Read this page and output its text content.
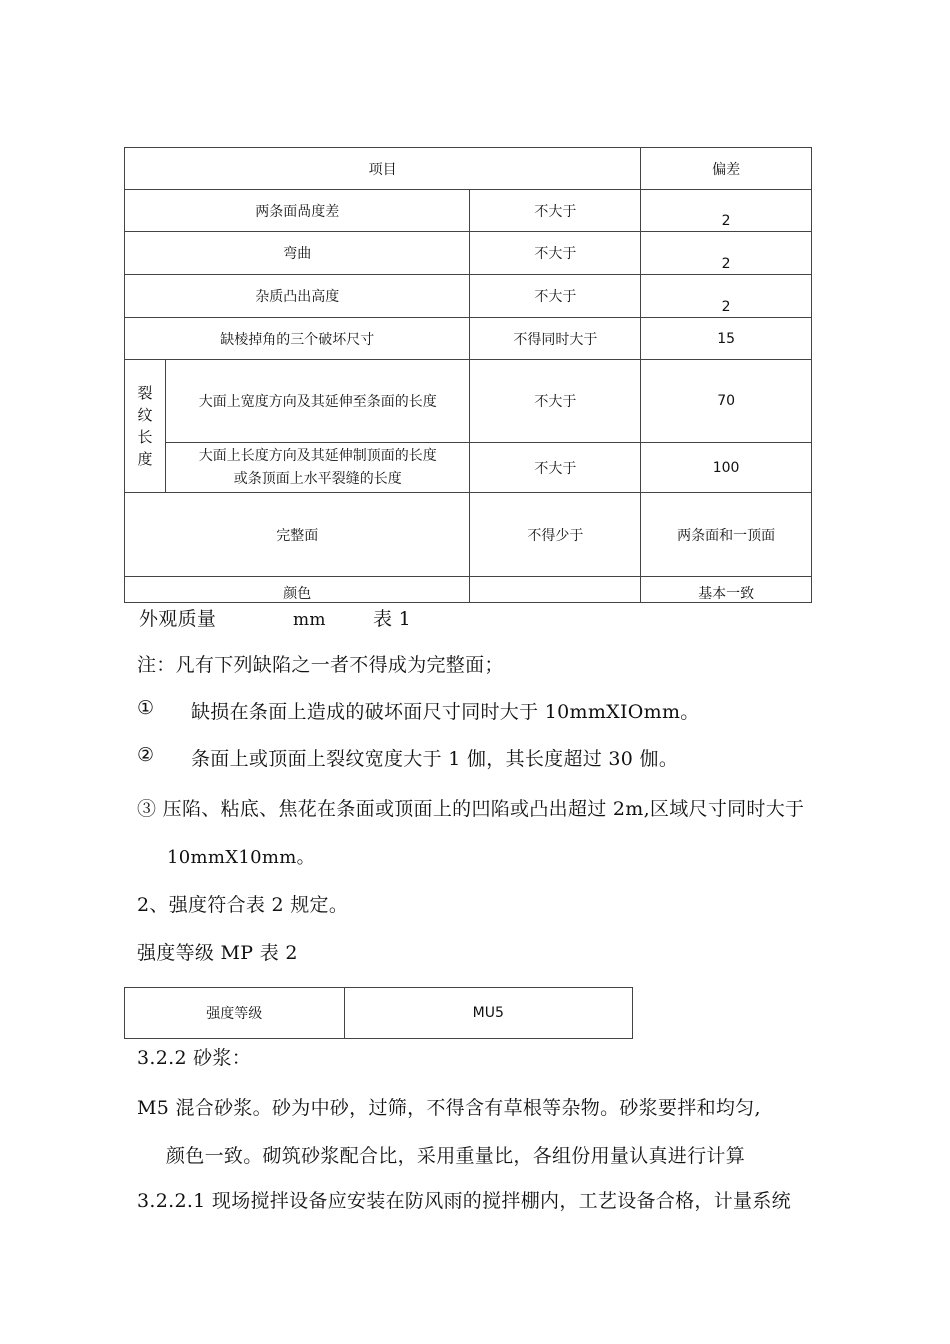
项目			偏差
两条面咼度差		不大于	2
弯曲		不大于	2
杂质凸出高度		不大于	2
缺棱掉角的三个破坏尺寸		不得同时大于	15
裂
纹
长
度	大面上宽度方向及其延伸至条面的长度	不大于	70
	大面上长度方向及其延伸制顶面的长度
或条顶面上水平裂缝的长度	不大于	100
完整面		不得少于	两条面和一顶面
颜色			基本一致
外观质量	mm 表 1
注：凡有下列缺陷之一者不得成为完整面；
① 缺损在条面上造成的破坏面尺寸同时大于 10mmXIOmm。
② 条面上或顶面上裂纹宽度大于 1 伽，其长度超过 30 伽。
③ 压陷、粘底、焦花在条面或顶面上的凹陷或凸出超过 2m,区域尺寸同时大于
10mmX10mm。
2、强度符合表 2 规定。
强度等级 MP 表 2
强度等级	MU5
3.2.2 砂浆：
M5 混合砂浆。砂为中砂，过筛，不得含有草根等杂物。砂浆要拌和均匀,
颜色一致。砌筑砂浆配合比，采用重量比，各组份用量认真进行计算
3.2.2.1 现场搅拌设备应安装在防风雨的搅拌棚内，工艺设备合格，计量系统
